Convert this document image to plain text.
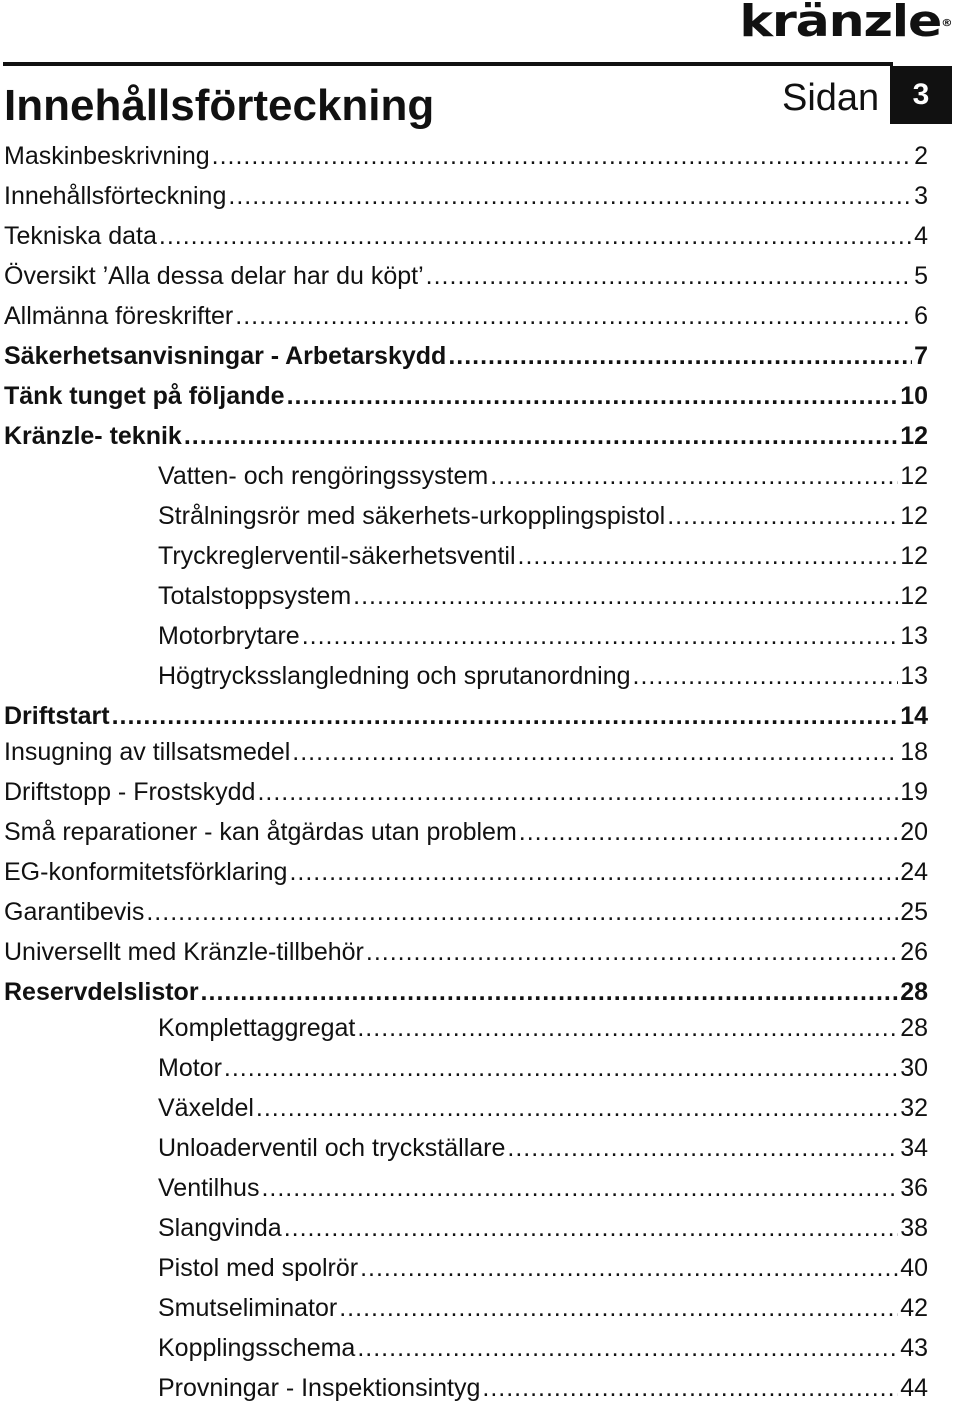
kränzle®
Innehållsförteckning	Sidan	3
Maskinbeskrivning .....	2
Innehållsförteckning .....	3
Tekniska data .....	4
Översikt ’Alla dessa delar har du köpt’ .....	5
Allmänna föreskrifter .....	6
Säkerhetsanvisningar - Arbetarskydd .....	7
Tänk tunget på följande .....	10
Kränzle- teknik .....	12
Vatten- och rengöringssystem .....	12
Strålningsrör med säkerhets-urkopplingspistol .....	12
Tryckreglerventil-säkerhetsventil .....	12
Totalstoppsystem .....	12
Motorbrytare .....	13
Högtrycksslangledning och sprutanordning .....	13
Driftstart .....	14
Insugning av tillsatsmedel .....	18
Driftstopp - Frostskydd .....	19
Små reparationer - kan åtgärdas utan problem .....	20
EG-konformitetsförklaring .....	24
Garantibevis .....	25
Universellt med Kränzle-tillbehör .....	26
Reservdelslistor .....	28
Komplettaggregat .....	28
Motor .....	30
Växeldel .....	32
Unloaderventil och tryckställare .....	34
Ventilhus .....	36
Slangvinda .....	38
Pistol med spolrör .....	40
Smutseliminator .....	42
Kopplingsschema .....	43
Provningar - Inspektionsintyg .....	44
